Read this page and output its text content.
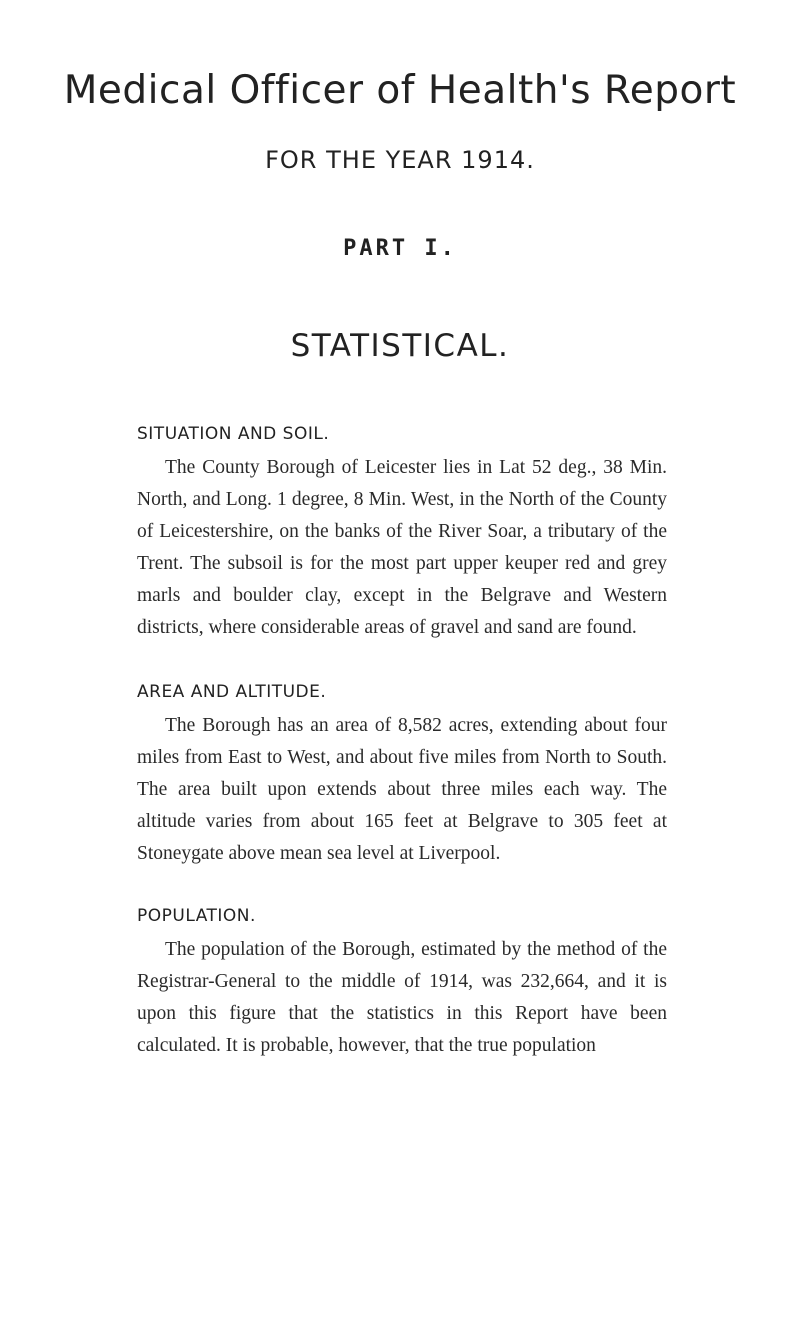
Medical Officer of Health's Report
FOR THE YEAR 1914.
PART I.
STATISTICAL.
SITUATION AND SOIL.

The County Borough of Leicester lies in Lat 52 deg., 38 Min. North, and Long. 1 degree, 8 Min. West, in the North of the County of Leicestershire, on the banks of the River Soar, a tributary of the Trent. The subsoil is for the most part upper keuper red and grey marls and boulder clay, except in the Belgrave and Western districts, where considerable areas of gravel and sand are found.

AREA AND ALTITUDE.

The Borough has an area of 8,582 acres, extending about four miles from East to West, and about five miles from North to South. The area built upon extends about three miles each way. The altitude varies from about 165 feet at Belgrave to 305 feet at Stoneygate above mean sea level at Liverpool.

POPULATION.

The population of the Borough, estimated by the method of the Registrar-General to the middle of 1914, was 232,664, and it is upon this figure that the statistics in this Report have been calculated. It is probable, however, that the true population
